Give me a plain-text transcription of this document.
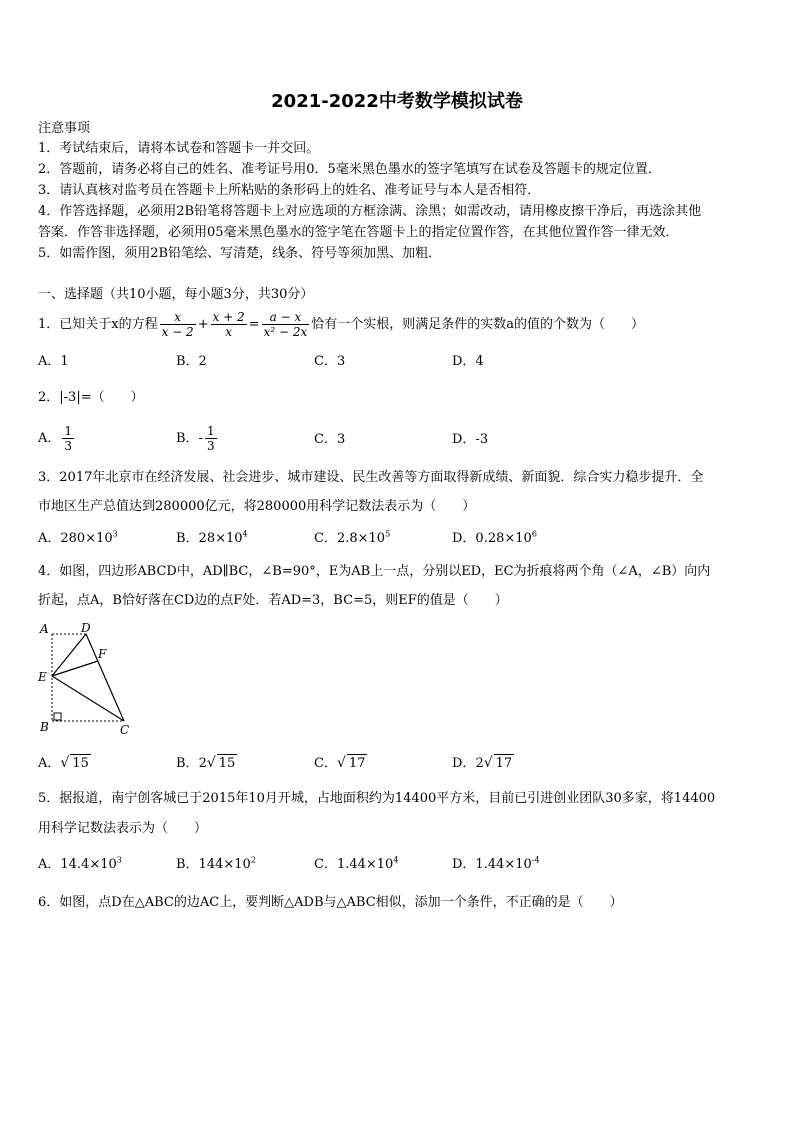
2021-2022中考数学模拟试卷
注意事项
1．考试结束后，请将本试卷和答题卡一并交回。
2．答题前，请务必将自己的姓名、准考证号用0．5毫米黑色墨水的签字笔填写在试卷及答题卡的规定位置．
3．请认真核对监考员在答题卡上所粘贴的条形码上的姓名、准考证号与本人是否相符．
4．作答选择题，必须用2B铅笔将答题卡上对应选项的方框涂满、涂黑；如需改动，请用橡皮擦干净后，再选涂其他
答案．作答非选择题，必须用05毫米黑色墨水的签字笔在答题卡上的指定位置作答，在其他位置作答一律无效．
5．如需作图，须用2B铅笔绘、写清楚，线条、符号等须加黑、加粗．
一、选择题（共10小题，每小题3分，共30分）
1．已知关于x的方程 $\frac{x}{x - 2} + \frac{x + 2}{x} = \frac{a - x}{\text{x² − 2x}}$ 恰有一个实根，则满足条件的实数a的值的个数为（　　）
A．1	B．2	C．3	D．4
2．|-3|=（　　）
A． $\frac{1}{3}$	B．- $\frac{1}{3}$	C．3	D．-3
3．2017年北京市在经济发展、社会进步、城市建设、民生改善等方面取得新成绩、新面貌．综合实力稳步提升．全
市地区生产总值达到280000亿元，将280000用科学记数法表示为（　　）
A．$280\times 10^3$	B．$28\times 10^4$	C．$2.8\times 10^5$	D．$0.28\times 10^6$
4．如图，四边形ABCD中，AD∥BC，∠B=90°，E为AB上一点，分别以ED，EC为折痕将两个角（∠A，∠B）向内
折起，点A，B恰好落在CD边的点F处．若AD=3，BC=5，则EF的值是（　　）
A	D
F
E
B	C
A．√ 15	B．2√ 15	C．√ 17	D．2√ 17
5．据报道，南宁创客城已于2015年10月开城，占地面积约为14400平方米，目前已引进创业团队30多家，将14400
用科学记数法表示为（　　）
A．$14.4\times 10^3$	B．$144\times 10^2$	C．$1.44\times 10^4$	D．$1.44\times 10^{-4}$
6．如图，点D在△ABC的边AC上，要判断△ADB与△ABC相似，添加一个条件，不正确的是（　　）
